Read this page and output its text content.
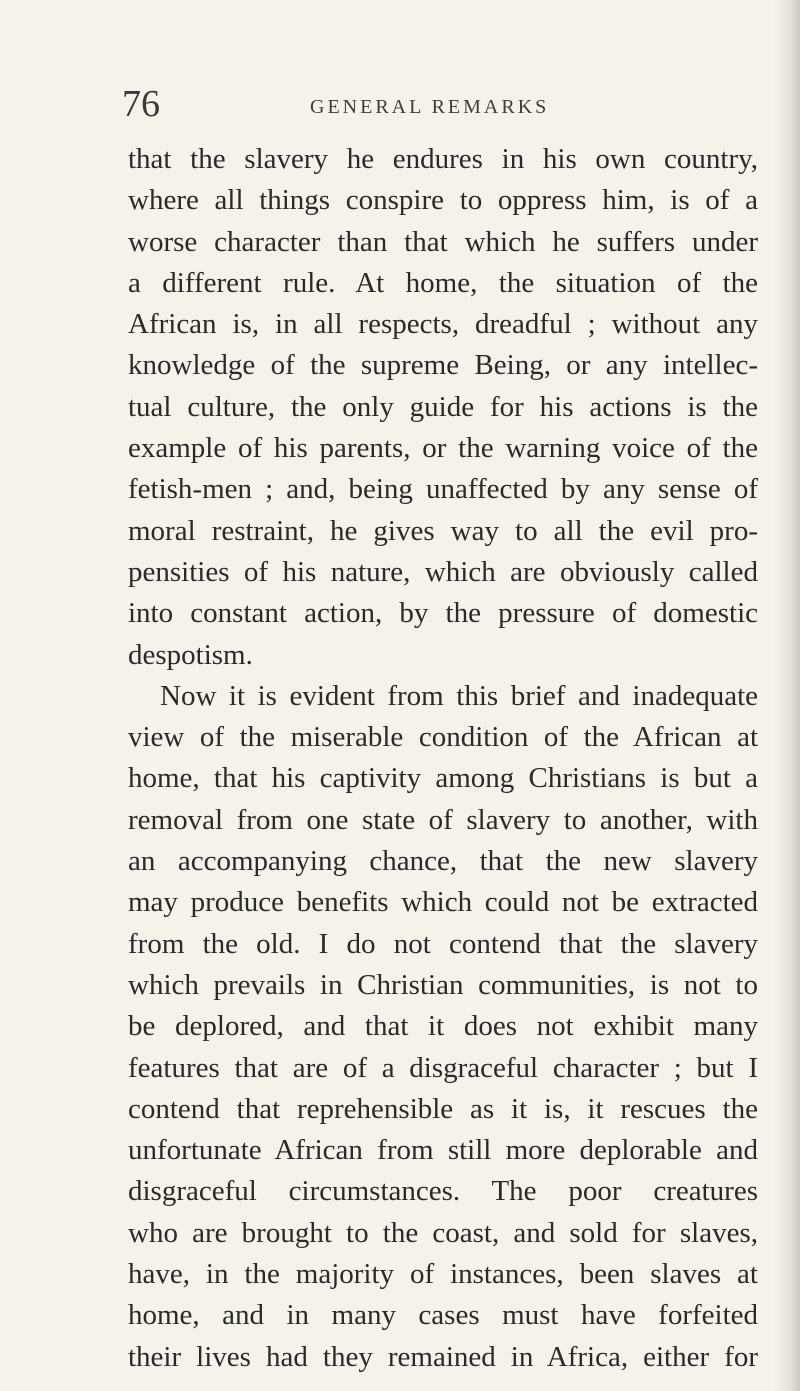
76	GENERAL REMARKS
that the slavery he endures in his own country,
where all things conspire to oppress him, is of a
worse character than that which he suffers under
a different rule. At home, the situation of the
African is, in all respects, dreadful ; without any
knowledge of the supreme Being, or any intellec-
tual culture, the only guide for his actions is the
example of his parents, or the warning voice of the
fetish-men ; and, being unaffected by any sense of
moral restraint, he gives way to all the evil pro-
pensities of his nature, which are obviously called
into constant action, by the pressure of domestic
despotism.
Now it is evident from this brief and inadequate
view of the miserable condition of the African at
home, that his captivity among Christians is but a
removal from one state of slavery to another, with
an accompanying chance, that the new slavery
may produce benefits which could not be extracted
from the old. I do not contend that the slavery
which prevails in Christian communities, is not to
be deplored, and that it does not exhibit many
features that are of a disgraceful character ; but I
contend that reprehensible as it is, it rescues the
unfortunate African from still more deplorable and
disgraceful circumstances. The poor creatures
who are brought to the coast, and sold for slaves,
have, in the majority of instances, been slaves at
home, and in many cases must have forfeited
their lives had they remained in Africa, either for
